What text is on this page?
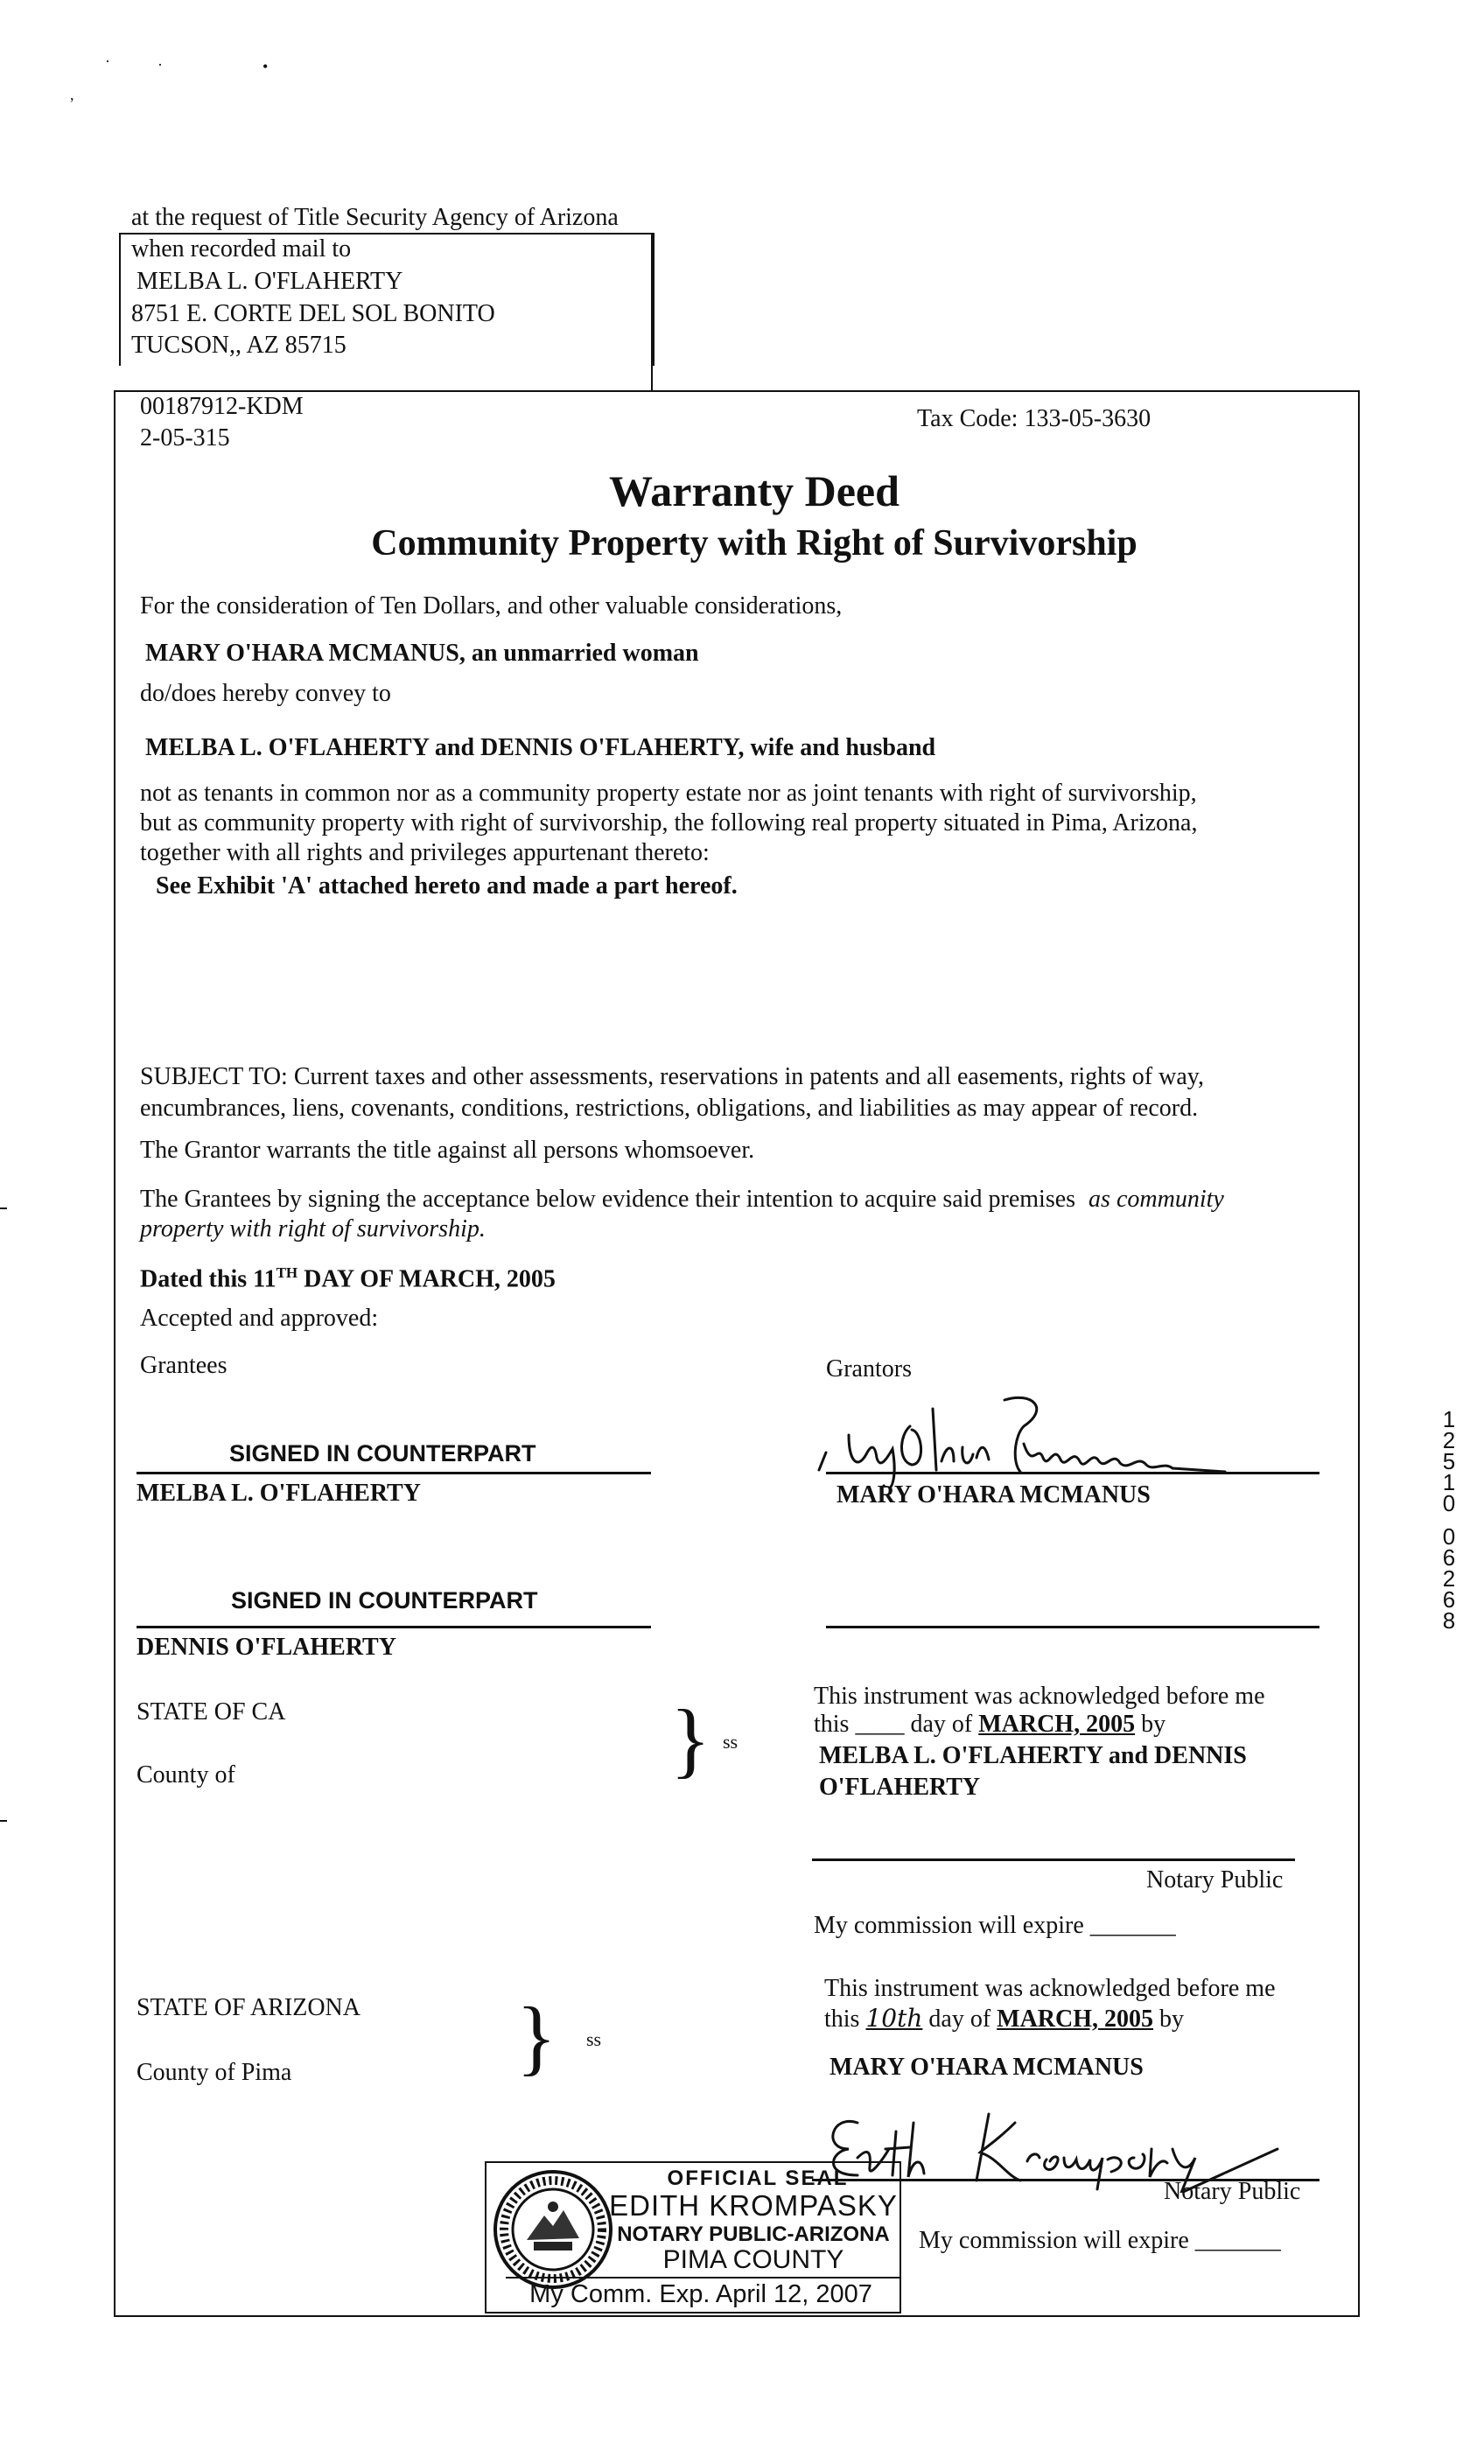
·	·	•
,
at the request of Title Security Agency of Arizona
when recorded mail to
MELBA L. O'FLAHERTY
8751 E. CORTE DEL SOL BONITO
TUCSON,, AZ 85715
00187912-KDM
2-05-315
Tax Code: 133-05-3630
Warranty Deed
Community Property with Right of Survivorship
For the consideration of Ten Dollars, and other valuable considerations,
MARY O'HARA MCMANUS, an unmarried woman
do/does hereby convey to
MELBA L. O'FLAHERTY and DENNIS O'FLAHERTY, wife and husband
not as tenants in common nor as a community property estate nor as joint tenants with right of survivorship,
but as community property with right of survivorship, the following real property situated in Pima, Arizona,
together with all rights and privileges appurtenant thereto:
See Exhibit 'A' attached hereto and made a part hereof.
SUBJECT TO: Current taxes and other assessments, reservations in patents and all easements, rights of way,
encumbrances, liens, covenants, conditions, restrictions, obligations, and liabilities as may appear of record.
The Grantor warrants the title against all persons whomsoever.
The Grantees by signing the acceptance below evidence their intention to acquire said premises as community
property with right of survivorship.
Dated this 11TH DAY OF MARCH, 2005
Accepted and approved:
Grantees	Grantors
SIGNED IN COUNTERPART
MELBA L. O'FLAHERTY
SIGNED IN COUNTERPART
DENNIS O'FLAHERTY
MARY O'HARA MCMANUS
STATE OF CA
County of	} ss
This instrument was acknowledged before me
this ____ day of MARCH, 2005 by
MELBA L. O'FLAHERTY and DENNIS
O'FLAHERTY
Notary Public
My commission will expire _______
STATE OF ARIZONA
County of Pima	} ss
This instrument was acknowledged before me
this 10th day of MARCH, 2005 by
MARY O'HARA MCMANUS
Notary Public
My commission will expire _______
OFFICIAL SEAL
EDITH KROMPASKY
NOTARY PUBLIC-ARIZONA
PIMA COUNTY
My Comm. Exp. April 12, 2007
12510
06268
